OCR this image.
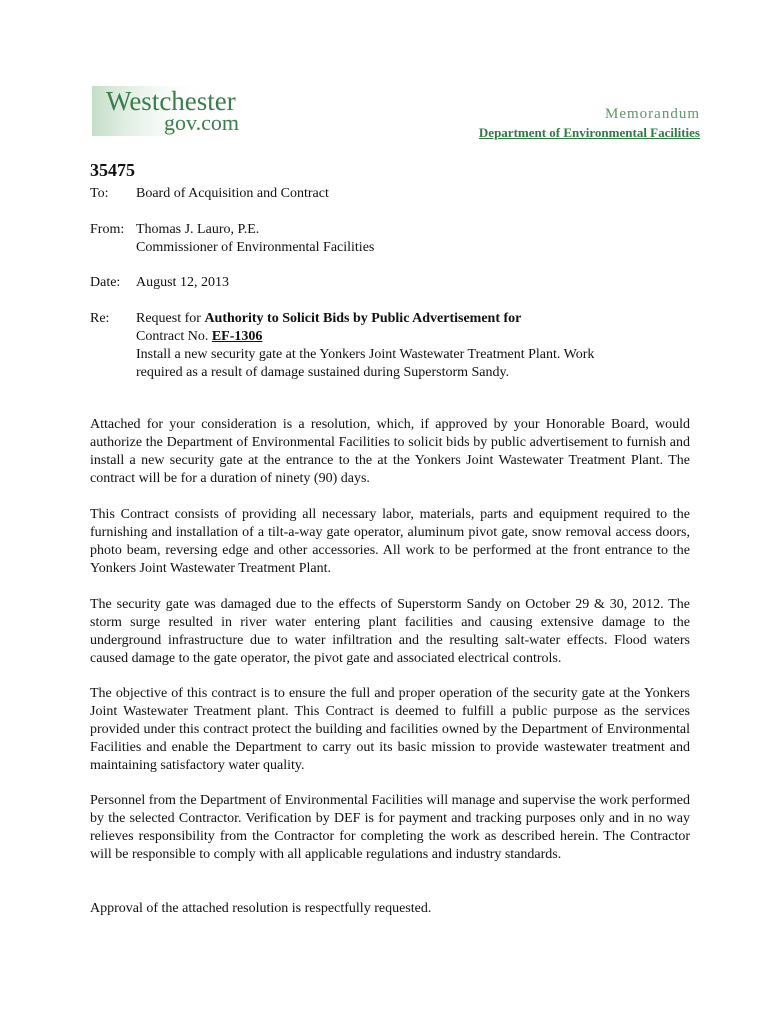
Westchester
gov.com	Memorandum
Department of Environmental Facilities
35475
To:	Board of Acquisition and Contract
From: Thomas J. Lauro, P.E.
Commissioner of Environmental Facilities
Date:	August 12, 2013
Re:	Request for Authority to Solicit Bids by Public Advertisement for
Contract No. EF-1306
Install a new security gate at the Yonkers Joint Wastewater Treatment Plant. Work
required as a result of damage sustained during Superstorm Sandy.

Attached for your consideration is a resolution, which, if approved by your Honorable Board, would authorize the Department of Environmental Facilities to solicit bids by public advertisement to furnish and install a new security gate at the entrance to the at the Yonkers Joint Wastewater Treatment Plant. The contract will be for a duration of ninety (90) days.

This Contract consists of providing all necessary labor, materials, parts and equipment required to the furnishing and installation of a tilt-a-way gate operator, aluminum pivot gate, snow removal access doors, photo beam, reversing edge and other accessories. All work to be performed at the front entrance to the Yonkers Joint Wastewater Treatment Plant.

The security gate was damaged due to the effects of Superstorm Sandy on October 29 & 30, 2012. The storm surge resulted in river water entering plant facilities and causing extensive damage to the underground infrastructure due to water infiltration and the resulting salt-water effects. Flood waters caused damage to the gate operator, the pivot gate and associated electrical controls.

The objective of this contract is to ensure the full and proper operation of the security gate at the Yonkers Joint Wastewater Treatment plant. This Contract is deemed to fulfill a public purpose as the services provided under this contract protect the building and facilities owned by the Department of Environmental Facilities and enable the Department to carry out its basic mission to provide wastewater treatment and maintaining satisfactory water quality.

Personnel from the Department of Environmental Facilities will manage and supervise the work performed by the selected Contractor. Verification by DEF is for payment and tracking purposes only and in no way relieves responsibility from the Contractor for completing the work as described herein. The Contractor will be responsible to comply with all applicable regulations and industry standards.

Approval of the attached resolution is respectfully requested.
